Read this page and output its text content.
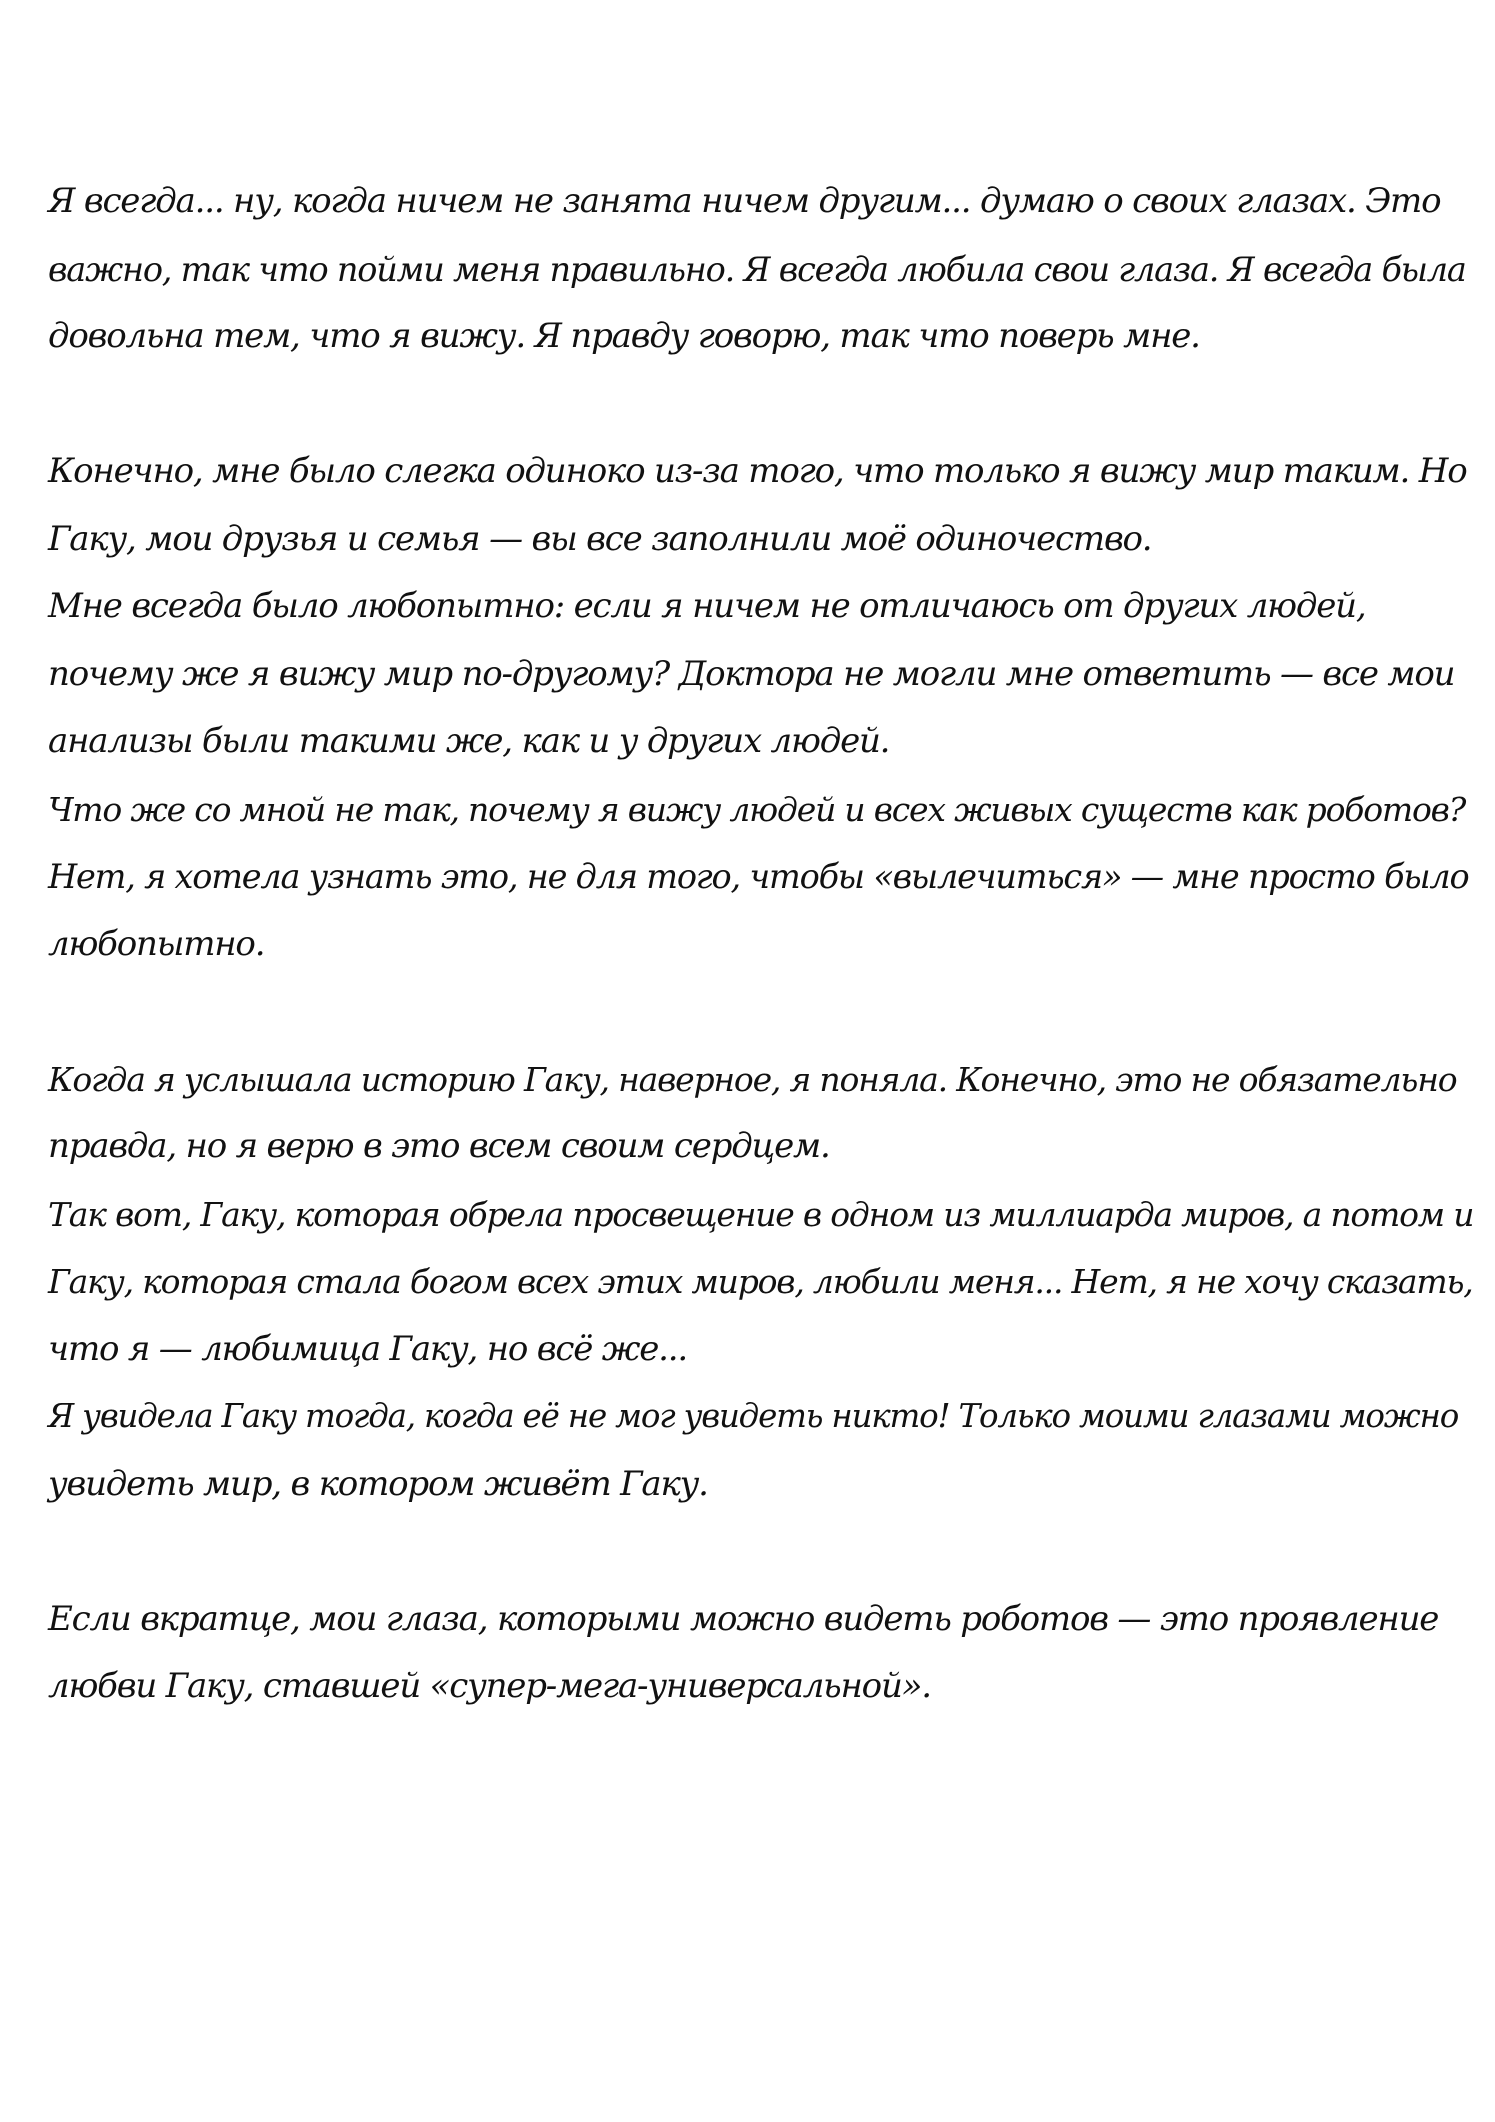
Я всегда... ну, когда ничем не занята ничем другим... думаю о своих глазах. Это
важно, так что пойми меня правильно. Я всегда любила свои глаза. Я всегда была
довольна тем, что я вижу. Я правду говорю, так что поверь мне.
Конечно, мне было слегка одиноко из-за того, что только я вижу мир таким. Но
Гаку, мои друзья и семья — вы все заполнили моё одиночество.
Мне всегда было любопытно: если я ничем не отличаюсь от других людей,
почему же я вижу мир по-другому? Доктора не могли мне ответить — все мои
анализы были такими же, как и у других людей.
Что же со мной не так, почему я вижу людей и всех живых существ как роботов?
Нет, я хотела узнать это, не для того, чтобы «вылечиться» — мне просто было
любопытно.
Когда я услышала историю Гаку, наверное, я поняла. Конечно, это не обязательно
правда, но я верю в это всем своим сердцем.
Так вот, Гаку, которая обрела просвещение в одном из миллиарда миров, а потом и
Гаку, которая стала богом всех этих миров, любили меня... Нет, я не хочу сказать,
что я — любимица Гаку, но всё же...
Я увидела Гаку тогда, когда её не мог увидеть никто! Только моими глазами можно
увидеть мир, в котором живёт Гаку.
Если вкратце, мои глаза, которыми можно видеть роботов — это проявление
любви Гаку, ставшей «супер-мега-универсальной».
